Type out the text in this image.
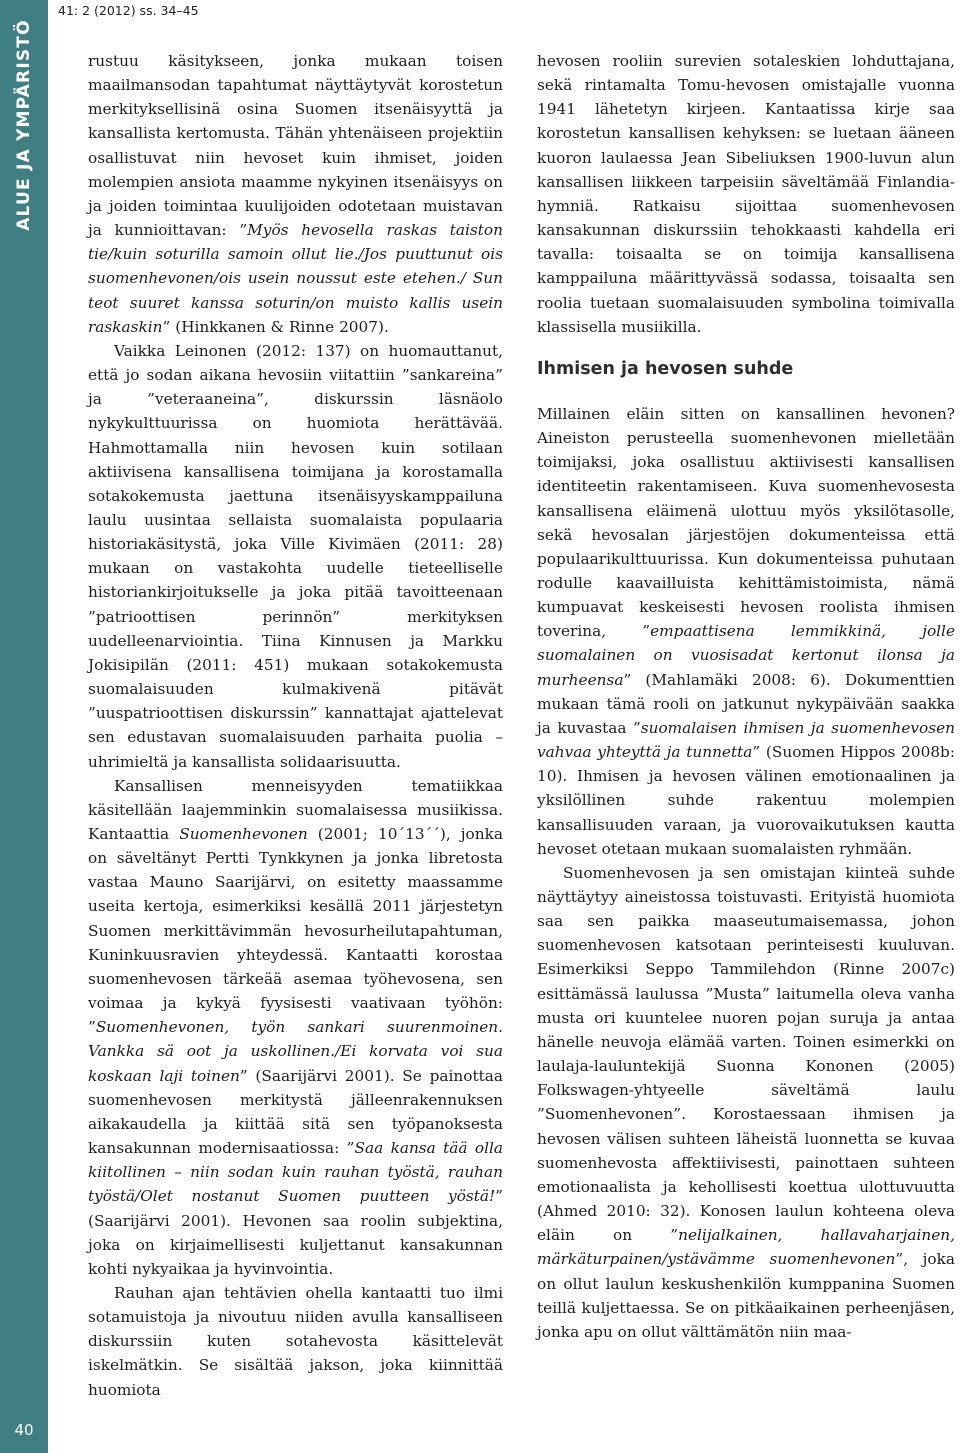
ALUE JA YMPÄRISTÖ
40
41: 2 (2012) ss. 34–45

rustuu käsitykseen, jonka mukaan toisen maailmansodan tapahtumat näyttäytyvät korostetun merkityksellisinä osina Suomen itsenäisyyttä ja kansallista kertomusta. Tähän yhtenäiseen projektiin osallistuvat niin hevoset kuin ihmiset, joiden molempien ansiota maamme nykyinen itsenäisyys on ja joiden toimintaa kuulijoiden odotetaan muistavan ja kunnioittavan: ”Myös hevosella raskas taiston tie/kuin soturilla samoin ollut lie./Jos puuttunut ois suomenhevonen/ois usein noussut este etehen./ Sun teot suuret kanssa soturin/on muisto kallis usein raskaskin” (Hinkkanen & Rinne 2007).

Vaikka Leinonen (2012: 137) on huomauttanut, että jo sodan aikana hevosiin viitattiin ”sankareina” ja ”veteraaneina”, diskurssin läsnäolo nykykulttuurissa on huomiota herättävää. Hahmottamalla niin hevosen kuin sotilaan aktiivisena kansallisena toimijana ja korostamalla sotakokemusta jaettuna itsenäisyyskamppailuna laulu uusintaa sellaista suomalaista populaaria historiakäsitystä, joka Ville Kivimäen (2011: 28) mukaan on vastakohta uudelle tieteelliselle historiankirjoitukselle ja joka pitää tavoitteenaan ”patrioottisen perinnön” merkityksen uudelleenarviointia. Tiina Kinnusen ja Markku Jokisipilän (2011: 451) mukaan sotakokemusta suomalaisuuden kulmakivenä pitävät ”uuspatrioottisen diskurssin” kannattajat ajattelevat sen edustavan suomalaisuuden parhaita puolia – uhrimieltä ja kansallista solidaarisuutta.

Kansallisen menneisyyden tematiikkaa käsitellään laajemminkin suomalaisessa musiikissa. Kantaattia Suomenhevonen (2001; 10´13´´), jonka on säveltänyt Pertti Tynkkynen ja jonka libretosta vastaa Mauno Saarijärvi, on esitetty maassamme useita kertoja, esimerkiksi kesällä 2011 järjestetyn Suomen merkittävimmän hevosurheilutapahtuman, Kuninkuusravien yhteydessä. Kantaatti korostaa suomenhevosen tärkeää asemaa työhevosena, sen voimaa ja kykyä fyysisesti vaativaan työhön: ”Suomenhevonen, työn sankari suurenmoinen. Vankka sä oot ja uskollinen./Ei korvata voi sua koskaan laji toinen” (Saarijärvi 2001). Se painottaa suomenhevosen merkitystä jälleenrakennuksen aikakaudella ja kiittää sitä sen työpanoksesta kansakunnan modernisaatiossa: ”Saa kansa tää olla kiitollinen – niin sodan kuin rauhan työstä, rauhan työstä/Olet nostanut Suomen puutteen yöstä!” (Saarijärvi 2001). Hevonen saa roolin subjektina, joka on kirjaimellisesti kuljettanut kansakunnan kohti nykyaikaa ja hyvinvointia.

Rauhan ajan tehtävien ohella kantaatti tuo ilmi sotamuistoja ja nivoutuu niiden avulla kansalliseen diskurssiin kuten sotahevosta käsittelevät iskelmätkin. Se sisältää jakson, joka kiinnittää huomiota

hevosen rooliin surevien sotaleskien lohduttajana, sekä rintamalta Tomu-hevosen omistajalle vuonna 1941 lähetetyn kirjeen. Kantaatissa kirje saa korostetun kansallisen kehyksen: se luetaan ääneen kuoron laulaessa Jean Sibeliuksen 1900-luvun alun kansallisen liikkeen tarpeisiin säveltämää Finlandia-hymniä. Ratkaisu sijoittaa suomenhevosen kansakunnan diskurssiin tehokkaasti kahdella eri tavalla: toisaalta se on toimija kansallisena kamppailuna määrittyvässä sodassa, toisaalta sen roolia tuetaan suomalaisuuden symbolina toimivalla klassisella musiikilla.

Ihmisen ja hevosen suhde

Millainen eläin sitten on kansallinen hevonen? Aineiston perusteella suomenhevonen mielletään toimijaksi, joka osallistuu aktiivisesti kansallisen identiteetin rakentamiseen. Kuva suomenhevosesta kansallisena eläimenä ulottuu myös yksilötasolle, sekä hevosalan järjestöjen dokumenteissa että populaarikulttuurissa. Kun dokumenteissa puhutaan rodulle kaavailluista kehittämistoimista, nämä kumpuavat keskeisesti hevosen roolista ihmisen toverina, ”empaattisena lemmikkinä, jolle suomalainen on vuosisadat kertonut ilonsa ja murheensa” (Mahlamäki 2008: 6). Dokumenttien mukaan tämä rooli on jatkunut nykypäivään saakka ja kuvastaa ”suomalaisen ihmisen ja suomenhevosen vahvaa yhteyttä ja tunnetta” (Suomen Hippos 2008b: 10). Ihmisen ja hevosen välinen emotionaalinen ja yksilöllinen suhde rakentuu molempien kansallisuuden varaan, ja vuorovaikutuksen kautta hevoset otetaan mukaan suomalaisten ryhmään.

Suomenhevosen ja sen omistajan kiinteä suhde näyttäytyy aineistossa toistuvasti. Erityistä huomiota saa sen paikka maaseutumaisemassa, johon suomenhevosen katsotaan perinteisesti kuuluvan. Esimerkiksi Seppo Tammilehdon (Rinne 2007c) esittämässä laulussa ”Musta” laitumella oleva vanha musta ori kuuntelee nuoren pojan suruja ja antaa hänelle neuvoja elämää varten. Toinen esimerkki on laulaja-lauluntekijä Suonna Kononen (2005) Folkswagen-yhtyeelle säveltämä laulu ”Suomenhevonen”. Korostaessaan ihmisen ja hevosen välisen suhteen läheistä luonnetta se kuvaa suomenhevosta affektiivisesti, painottaen suhteen emotionaalista ja kehollisesti koettua ulottuvuutta (Ahmed 2010: 32). Konosen laulun kohteena oleva eläin on ”nelijalkainen, hallavaharjainen, märkäturpainen/ystävämme suomenhevonen”, joka on ollut laulun keskushenkilön kumppanina Suomen teillä kuljettaessa. Se on pitkäaikainen perheenjäsen, jonka apu on ollut välttämätön niin maa-
